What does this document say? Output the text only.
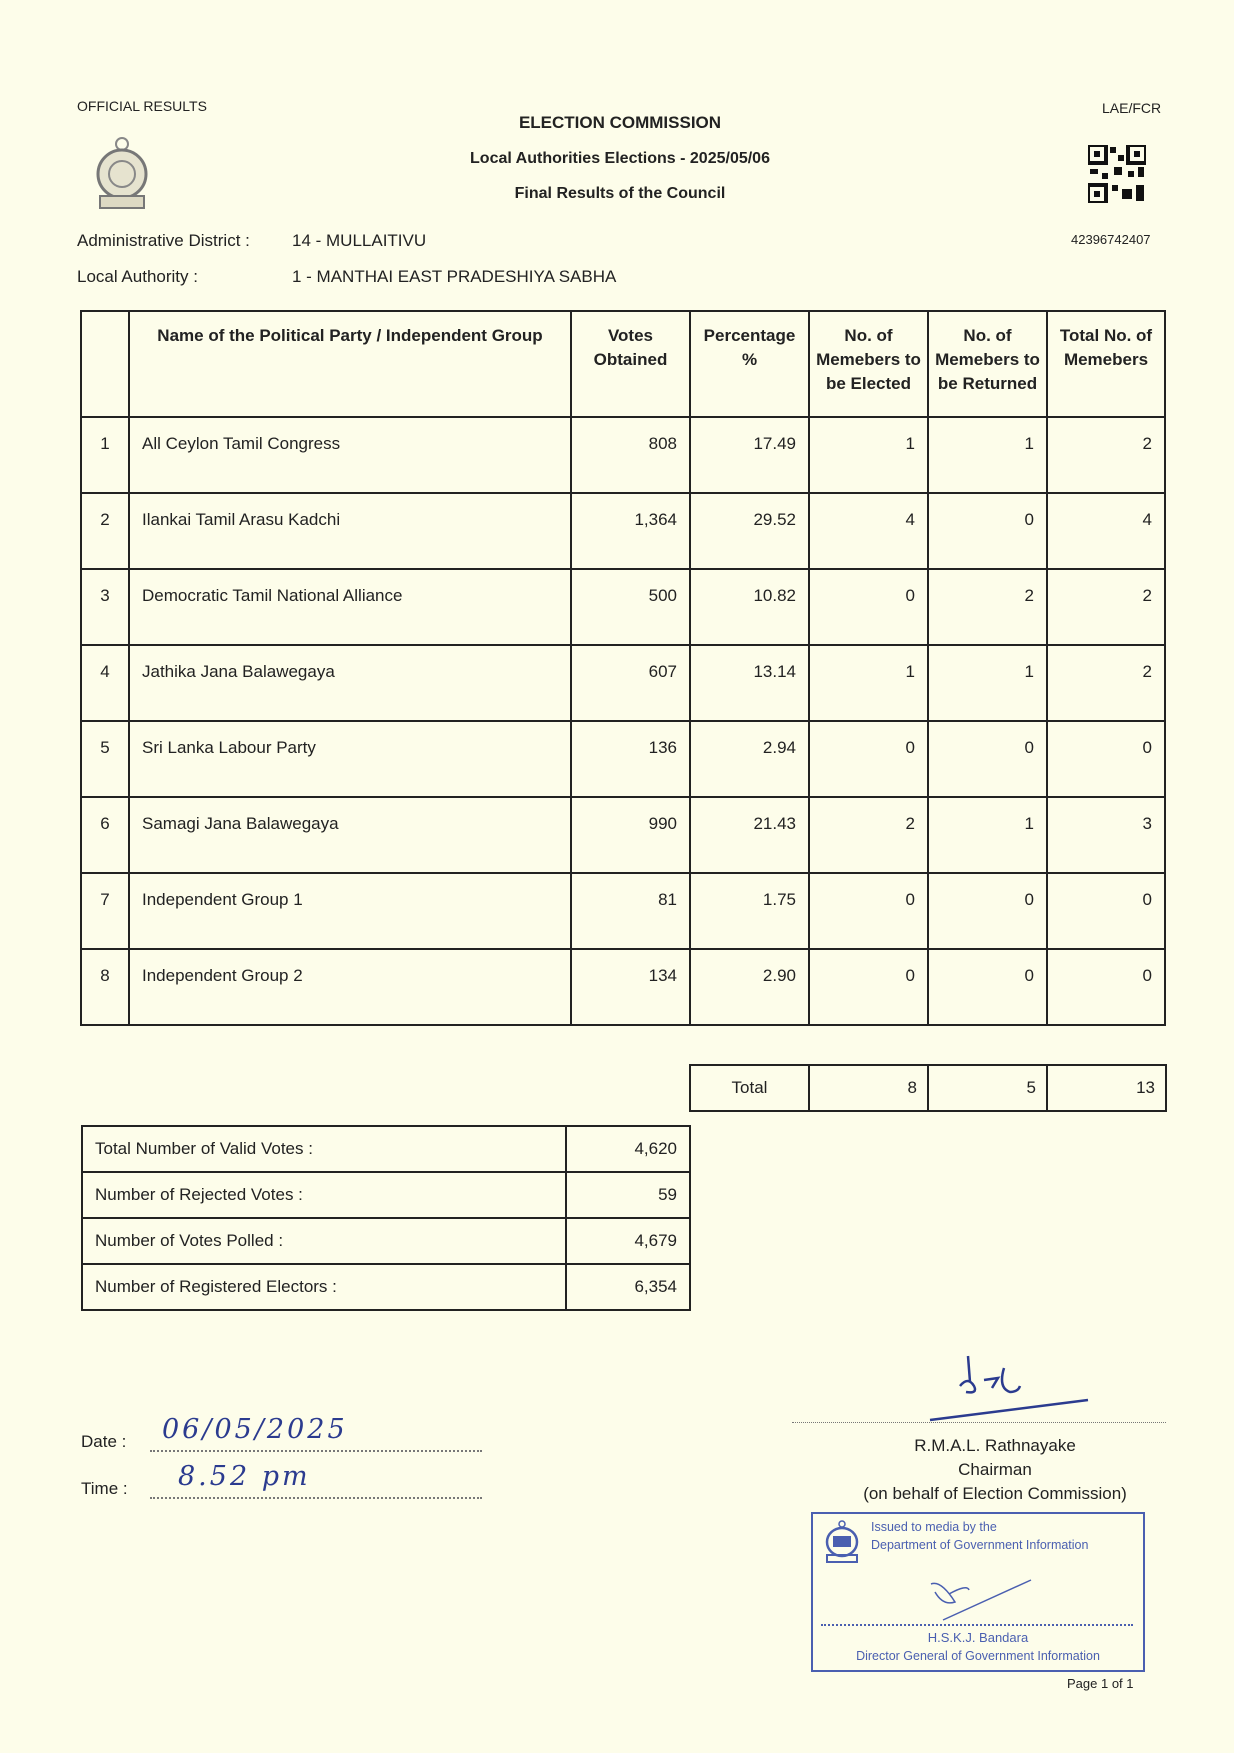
OFFICIAL RESULTS	LAE/FCR
ELECTION COMMISSION
Local Authorities Elections - 2025/05/06
Final Results of the Council
42396742407
Administrative District : 14 - MULLAITIVU
Local Authority :	1 - MANTHAI EAST PRADESHIYA SABHA
	Name of the Political Party / Independent Group	Votes Obtained	Percentage %	No. of Memebers to be Elected	No. of Memebers to be Returned	Total No. of Memebers
1	All Ceylon Tamil Congress	808	17.49	1	1	2
2	Ilankai Tamil Arasu Kadchi	1,364	29.52	4	0	4
3	Democratic Tamil National Alliance	500	10.82	0	2	2
4	Jathika Jana Balawegaya	607	13.14	1	1	2
5	Sri Lanka Labour Party	136	2.94	0	0	0
6	Samagi Jana Balawegaya	990	21.43	2	1	3
7	Independent Group 1	81	1.75	0	0	0
8	Independent Group 2	134	2.90	0	0	0
Total	8	5	13
Total Number of Valid Votes :	4,620
Number of Rejected Votes :	59
Number of Votes Polled :	4,679
Number of Registered Electors :	6,354
Date : 06/05/2025
Time : 8.52 pm
R.M.A.L. Rathnayake
Chairman
(on behalf of Election Commission)
Issued to media by the
Department of Government Information
H.S.K.J. Bandara
Director General of Government Information
Page 1 of 1
